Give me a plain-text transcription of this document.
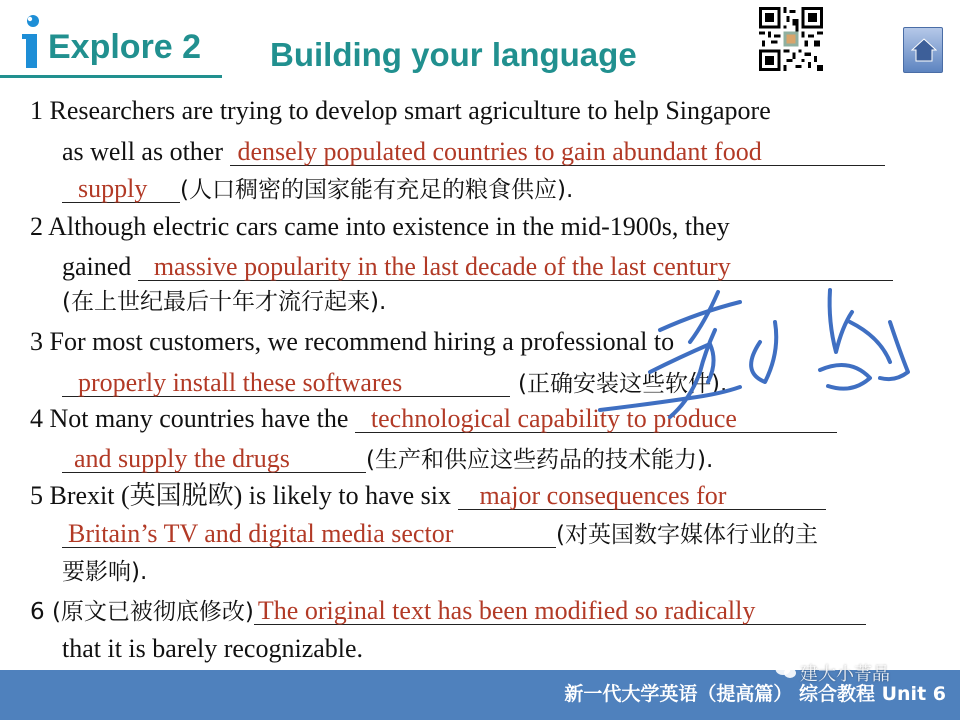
Explore 2 Building your language
1 Researchers are trying to develop smart agriculture to help Singapore
as well as other densely populated countries to gain abundant food
supply (人口稠密的国家能有充足的粮食供应).
2 Although electric cars came into existence in the mid-1900s, they
gained massive popularity in the last decade of the last century
(在上世纪最后十年才流行起来).
3 For most customers, we recommend hiring a professional to
properly install these softwares	(正确安装这些软件).
4 Not many countries have the technological capability to produce
and supply the drugs	(生产和供应这些药品的技术能力).
5 Brexit (英国脱欧) is likely to have six major consequences for
Britain’s TV and digital media sector	(对英国数字媒体行业的主
要影响).
6 (原文已被彻底修改) The original text has been modified so radically
that it is barely recognizable.
新一代大学英语（提高篇） 综合教程 Unit 6
建大小菁晶
